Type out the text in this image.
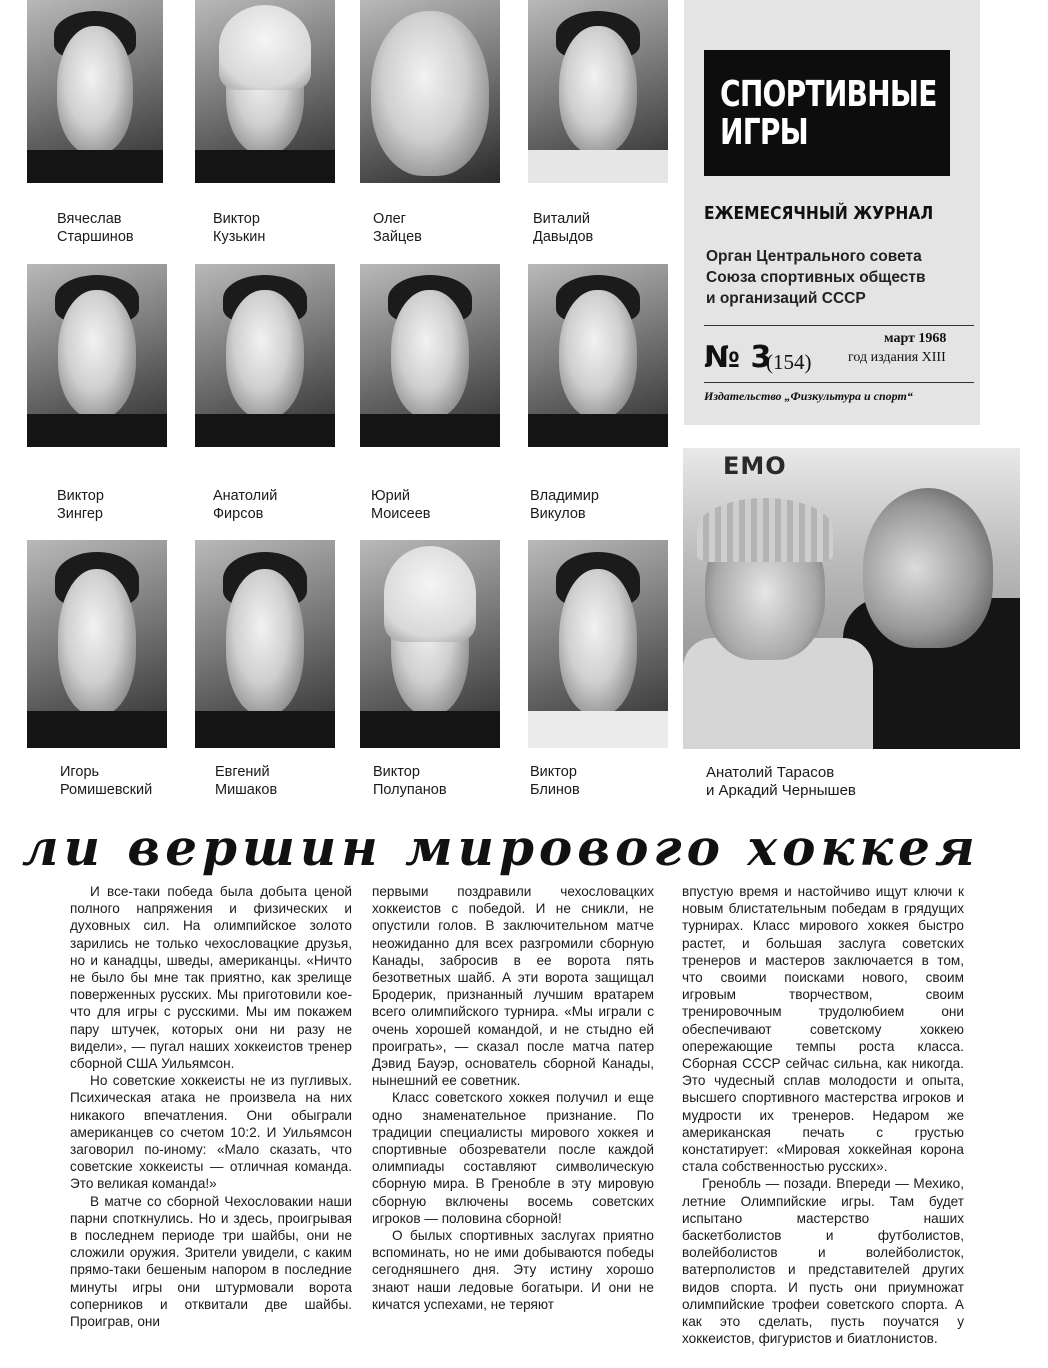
Вячеслав
Старшинов
Виктор
Кузькин
Олег
Зайцев
Виталий
Давыдов
Виктор
Зингер
Анатолий
Фирсов
Юрий
Моисеев
Владимир
Викулов
Игорь
Ромишевский
Евгений
Мишаков
Виктор
Полупанов
Виктор
Блинов
СПОРТИВНЫЕ
ИГРЫ
ЕЖЕМЕСЯЧНЫЙ ЖУРНАЛ
Орган Центрального совета
Союза спортивных обществ
и организаций СССР
№ 3
(154)
март 1968
год издания XIII
Издательство „Физкультура и спорт“
ЕМО
Анатолий Тарасов
и Аркадий Чернышев
ли вершин мирового хоккея

И все-таки победа была добыта ценой полного напряжения и физических и духовных сил. На олимпийское золото зарились не только чехословацкие друзья, но и канадцы, шведы, американцы. «Ничто не было бы мне так приятно, как зрелище поверженных русских. Мы приготовили кое-что для игры с русскими. Мы им покажем пару штучек, которых они ни разу не видели», — пугал наших хоккеистов тренер сборной США Уильямсон.

Но советские хоккеисты не из пугливых. Психическая атака не произвела на них никакого впечатления. Они обыграли американцев со счетом 10:2. И Уильямсон заговорил по-иному: «Мало сказать, что советские хоккеисты — отличная команда. Это великая команда!»

В матче со сборной Чехословакии наши парни споткнулись. Но и здесь, проигрывая в последнем периоде три шайбы, они не сложили оружия. Зрители увидели, с каким прямо-таки бешеным напором в последние минуты игры они штурмовали ворота соперников и отквитали две шайбы. Проиграв, они

первыми поздравили чехословацких хоккеистов с победой. И не сникли, не опустили голов. В заключительном матче неожиданно для всех разгромили сборную Канады, забросив в ее ворота пять безответных шайб. А эти ворота защищал Бродерик, признанный лучшим вратарем всего олимпийского турнира. «Мы играли с очень хорошей командой, и не стыдно ей проиграть», — сказал после матча патер Дэвид Бауэр, основатель сборной Канады, нынешний ее советник.

Класс советского хоккея получил и еще одно знаменательное признание. По традиции специалисты мирового хоккея и спортивные обозреватели после каждой олимпиады составляют символическую сборную мира. В Гренобле в эту мировую сборную включены восемь советских игроков — половина сборной!

О былых спортивных заслугах приятно вспоминать, но не ими добываются победы сегодняшнего дня. Эту истину хорошо знают наши ледовые богатыри. И они не кичатся успехами, не теряют

впустую время и настойчиво ищут ключи к новым блистательным победам в грядущих турнирах. Класс мирового хоккея быстро растет, и большая заслуга советских тренеров и мастеров заключается в том, что своими поисками нового, своим игровым творчеством, своим тренировочным трудолюбием они обеспечивают советскому хоккею опережающие темпы роста класса. Сборная СССР сейчас сильна, как никогда. Это чудесный сплав молодости и опыта, высшего спортивного мастерства игроков и мудрости их тренеров. Недаром же американская печать с грустью констатирует: «Мировая хоккейная корона стала собственностью русских».

Гренобль — позади. Впереди — Мехико, летние Олимпийские игры. Там будет испытано мастерство наших баскетболистов и футболистов, волейболистов и волейболисток, ватерполистов и представителей других видов спорта. И пусть они приумножат олимпийские трофеи советского спорта. А как это сделать, пусть поучатся у хоккеистов, фигуристов и биатлонистов.
